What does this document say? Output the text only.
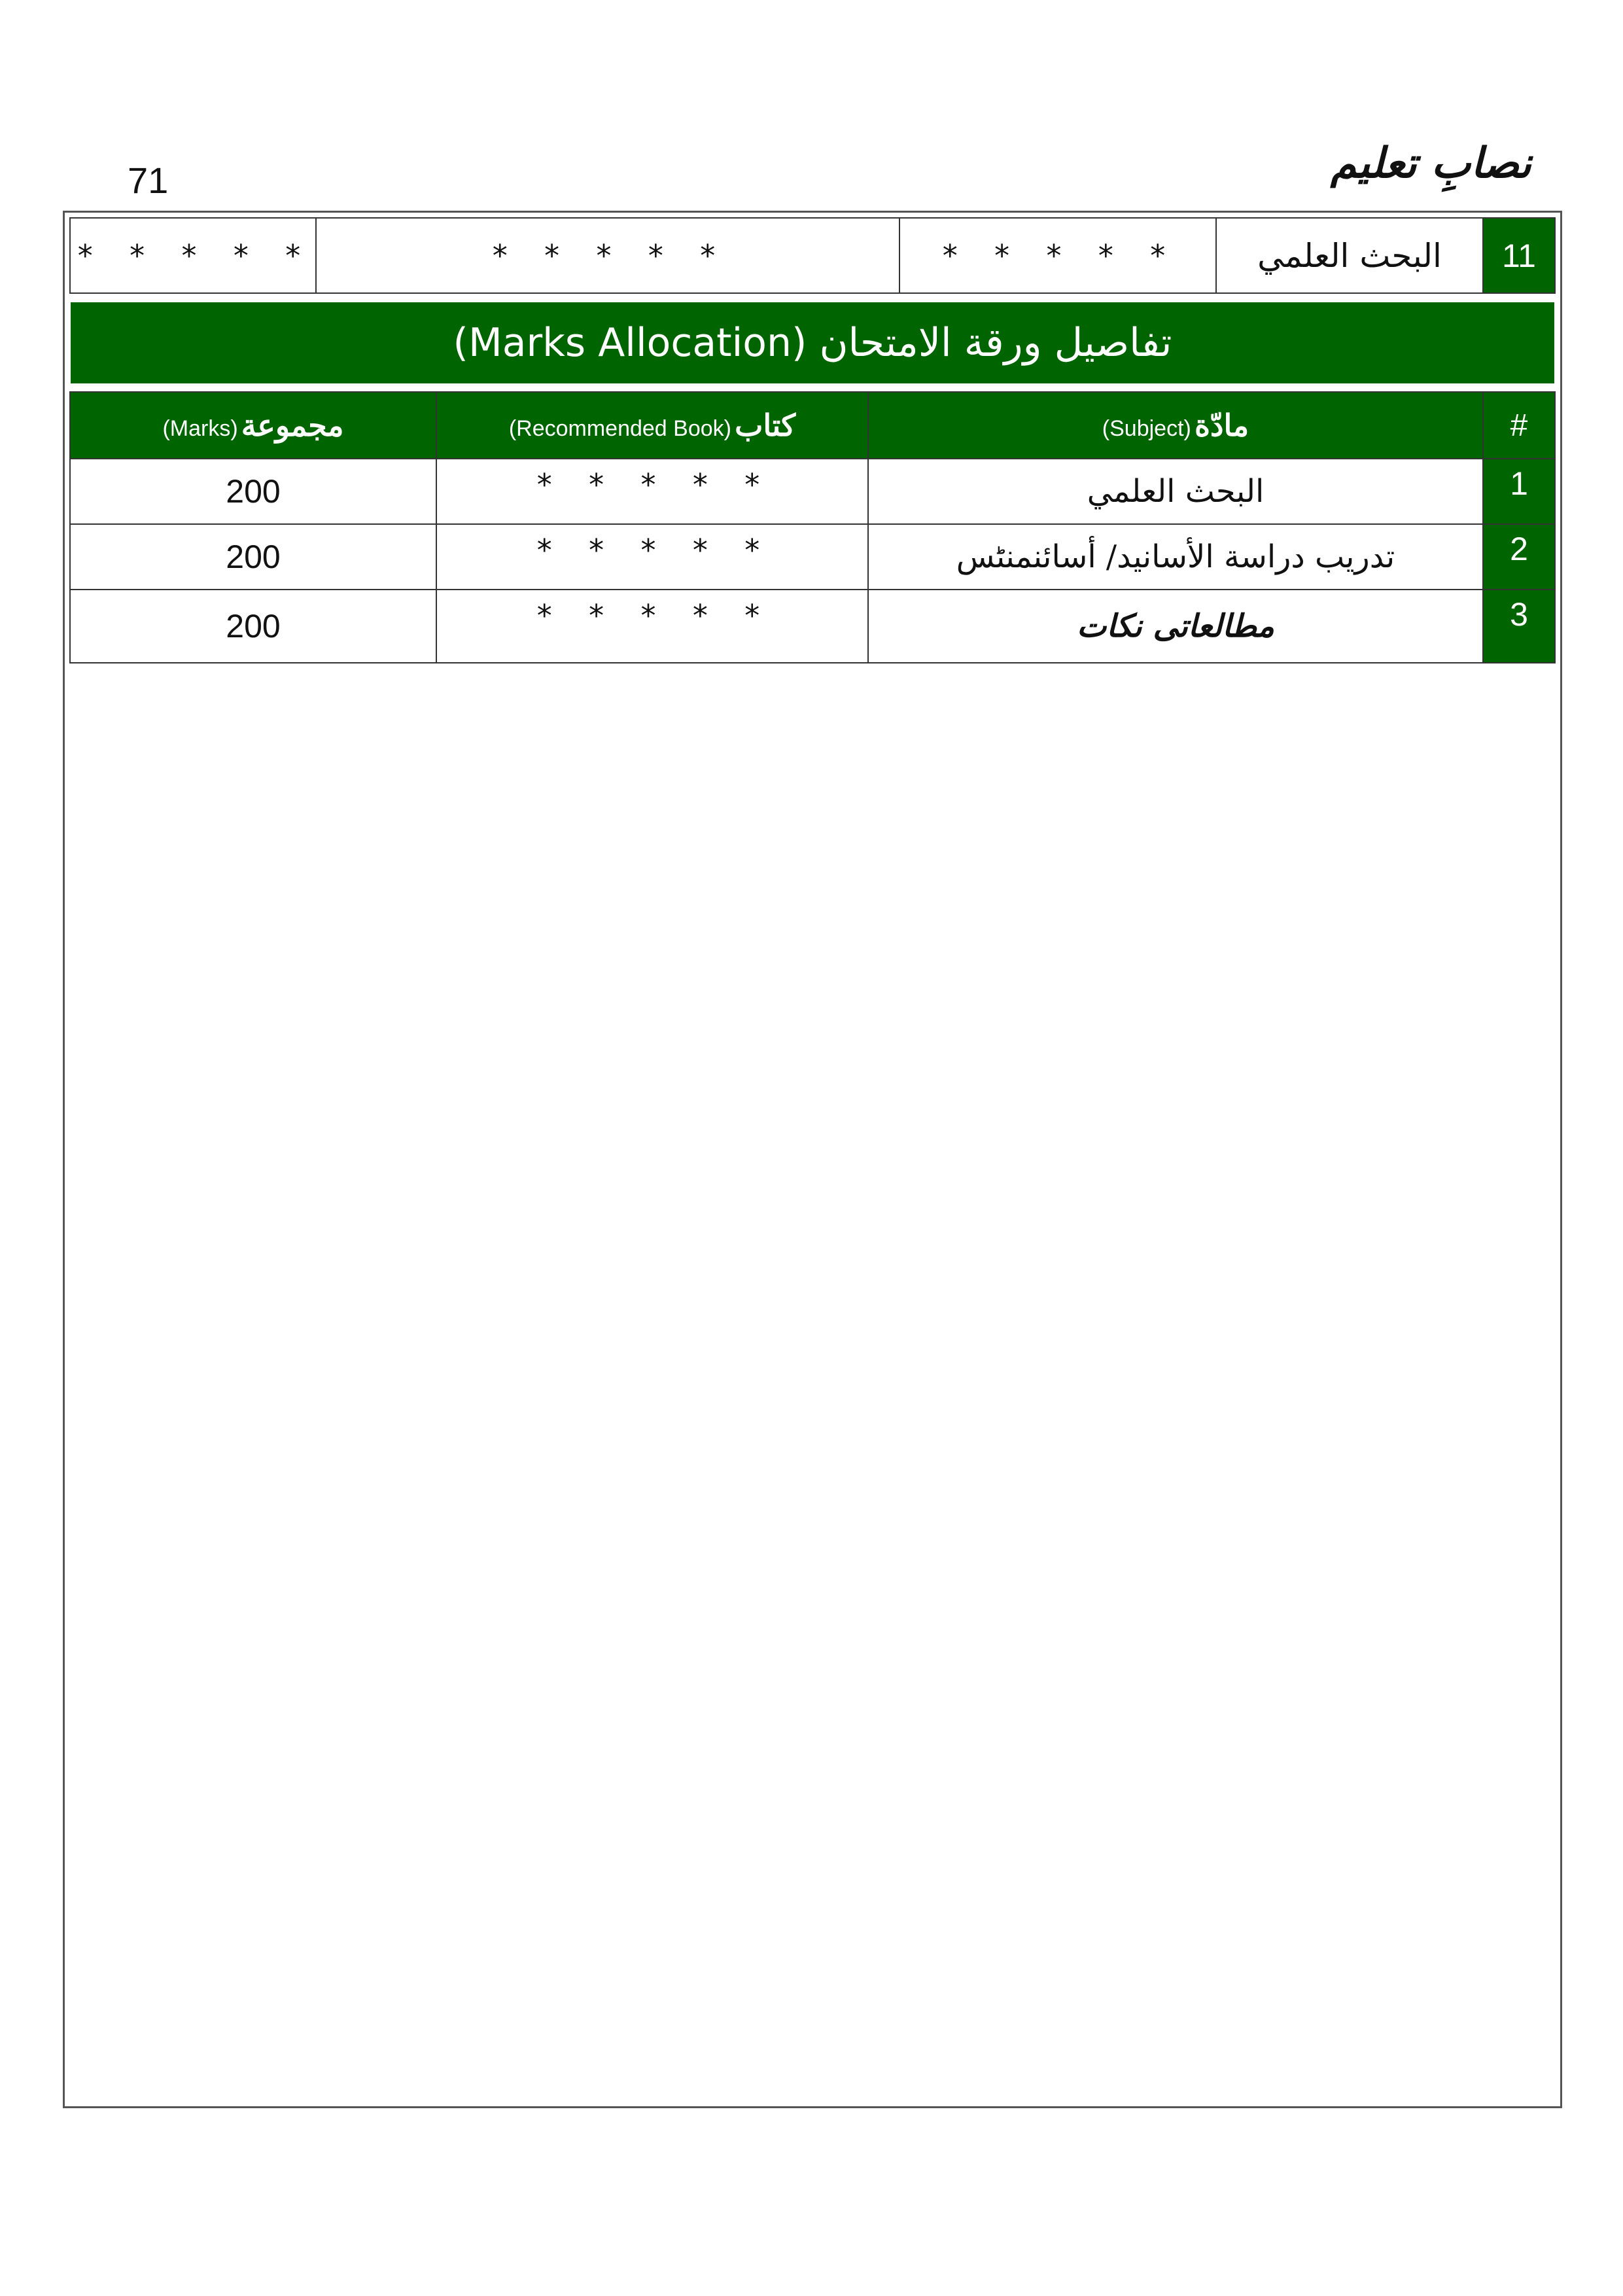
71	نصابِ تعلیم
* * * * *	* * * * *	* * * * *	البحث العلمي	11
تفاصيل ورقة الامتحان (Marks Allocation)
مجموعة (Marks)	كتاب (Recommended Book)	مادّة (Subject)	#
200	* * * * *	البحث العلمي	1
200	* * * * *	تدريب دراسة الأسانيد/ أسائنمنٹس	2
200	* * * * *	مطالعاتی نکات	3
